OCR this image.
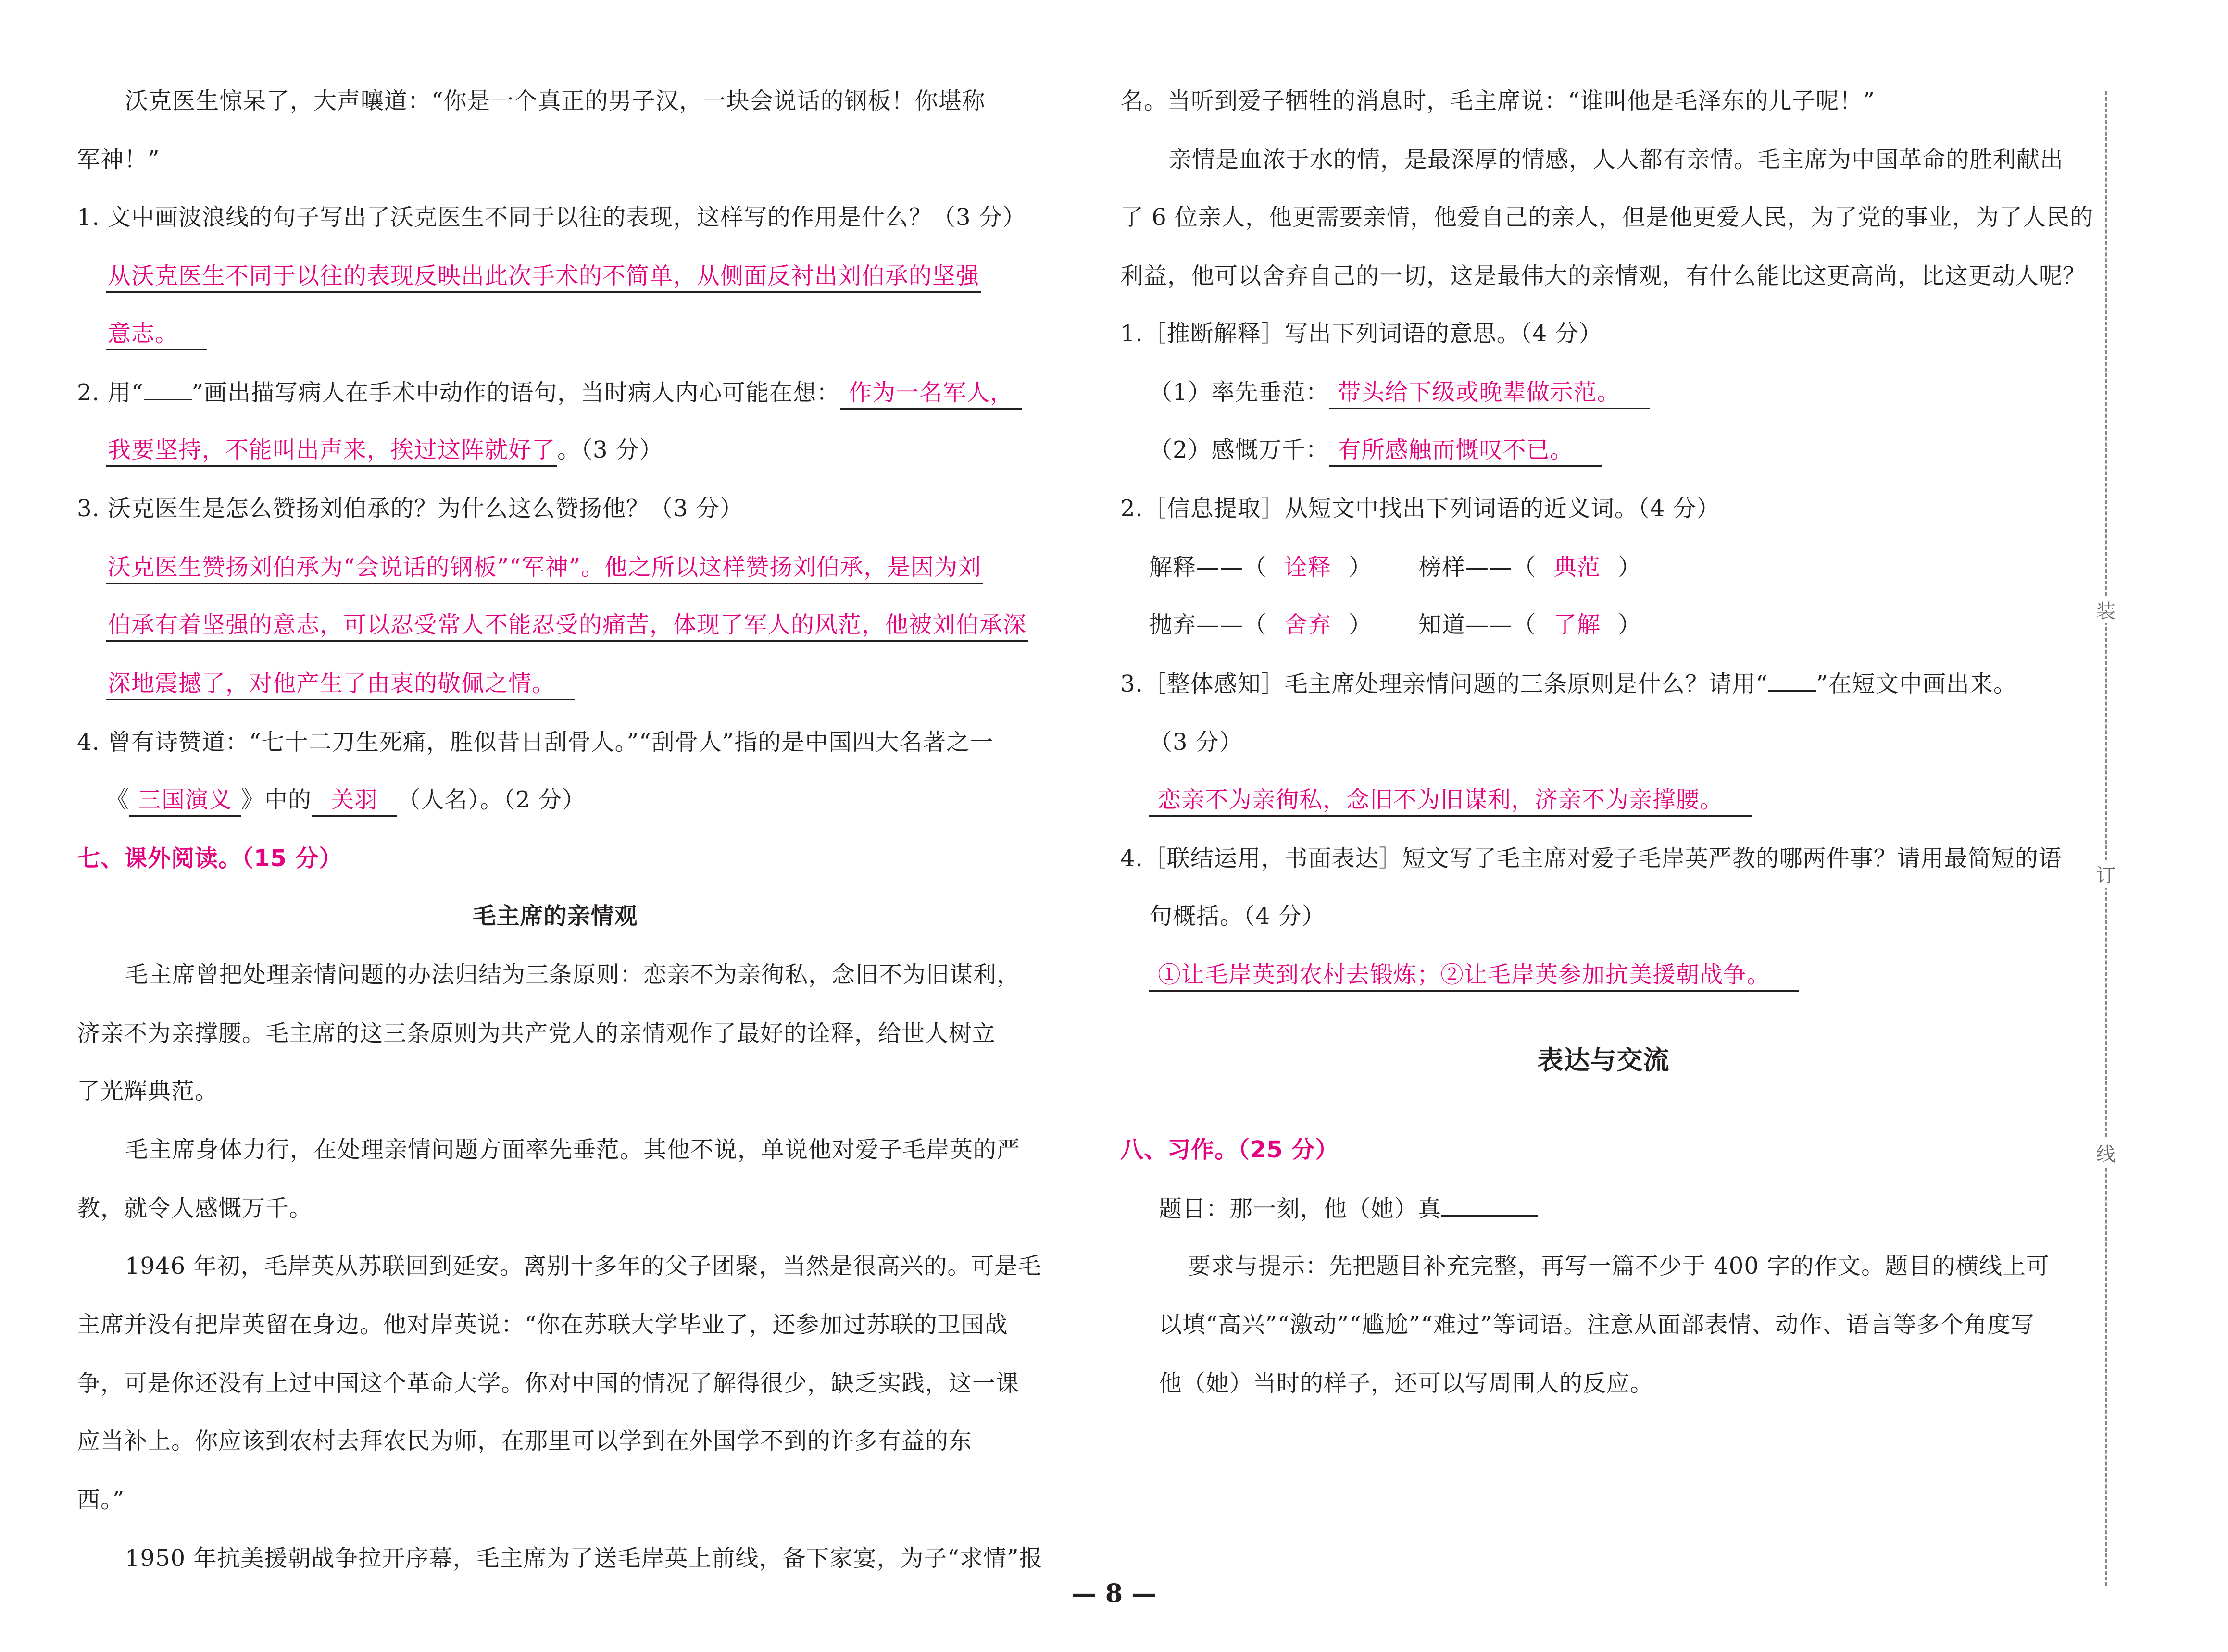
沃克医生惊呆了，大声嚷道：“你是一个真正的男子汉，一块会说话的钢板！你堪称
军神！”
1. 文中画波浪线的句子写出了沃克医生不同于以往的表现，这样写的作用是什么？（3 分）
从沃克医生不同于以往的表现反映出此次手术的不简单，从侧面反衬出刘伯承的坚强
意志。
2. 用“ ”画出描写病人在手术中动作的语句，当时病人内心可能在想： 作为一名军人，
我要坚持，不能叫出声来，挨过这阵就好了。（3 分）
3. 沃克医生是怎么赞扬刘伯承的？为什么这么赞扬他？（3 分）
沃克医生赞扬刘伯承为“会说话的钢板”“军神”。他之所以这样赞扬刘伯承，是因为刘
伯承有着坚强的意志，可以忍受常人不能忍受的痛苦，体现了军人的风范，他被刘伯承深
深地震撼了，对他产生了由衷的敬佩之情。
4. 曾有诗赞道：“七十二刀生死痛，胜似昔日刮骨人。”“刮骨人”指的是中国四大名著之一
《 三国演义 》中的 关羽 （人名）。（2 分）
七、课外阅读。（15 分）
毛主席的亲情观
毛主席曾把处理亲情问题的办法归结为三条原则：恋亲不为亲徇私，念旧不为旧谋利，
济亲不为亲撑腰。毛主席的这三条原则为共产党人的亲情观作了最好的诠释，给世人树立
了光辉典范。
毛主席身体力行，在处理亲情问题方面率先垂范。其他不说，单说他对爱子毛岸英的严
教，就令人感慨万千。
1946 年初，毛岸英从苏联回到延安。离别十多年的父子团聚，当然是很高兴的。可是毛
主席并没有把岸英留在身边。他对岸英说：“你在苏联大学毕业了，还参加过苏联的卫国战
争，可是你还没有上过中国这个革命大学。你对中国的情况了解得很少，缺乏实践，这一课
应当补上。你应该到农村去拜农民为师，在那里可以学到在外国学不到的许多有益的东
西。”
1950 年抗美援朝战争拉开序幕，毛主席为了送毛岸英上前线，备下家宴，为子“求情”报
名。当听到爱子牺牲的消息时，毛主席说：“谁叫他是毛泽东的儿子呢！”
亲情是血浓于水的情，是最深厚的情感，人人都有亲情。毛主席为中国革命的胜利献出
了 6 位亲人，他更需要亲情，他爱自己的亲人，但是他更爱人民，为了党的事业，为了人民的
利益，他可以舍弃自己的一切，这是最伟大的亲情观，有什么能比这更高尚，比这更动人呢？
1.［推断解释］写出下列词语的意思。（4 分）
（1）率先垂范： 带头给下级或晚辈做示范。
（2）感慨万千： 有所感触而慨叹不已。
2.［信息提取］从短文中找出下列词语的近义词。（4 分）
解释——（ 诠释 ） 榜样——（ 典范 ）
抛弃——（ 舍弃 ） 知道——（ 了解 ）
3.［整体感知］毛主席处理亲情问题的三条原则是什么？请用“ ”在短文中画出来。
（3 分）
恋亲不为亲徇私，念旧不为旧谋利，济亲不为亲撑腰。
4.［联结运用，书面表达］短文写了毛主席对爱子毛岸英严教的哪两件事？请用最简短的语
句概括。（4 分）
①让毛岸英到农村去锻炼；②让毛岸英参加抗美援朝战争。
表达与交流
八、习作。（25 分）
题目：那一刻，他（她）真
要求与提示：先把题目补充完整，再写一篇不少于 400 字的作文。题目的横线上可
以填“高兴”“激动”“尴尬”“难过”等词语。注意从面部表情、动作、语言等多个角度写
他（她）当时的样子，还可以写周围人的反应。
装
订
线
— 8 —
